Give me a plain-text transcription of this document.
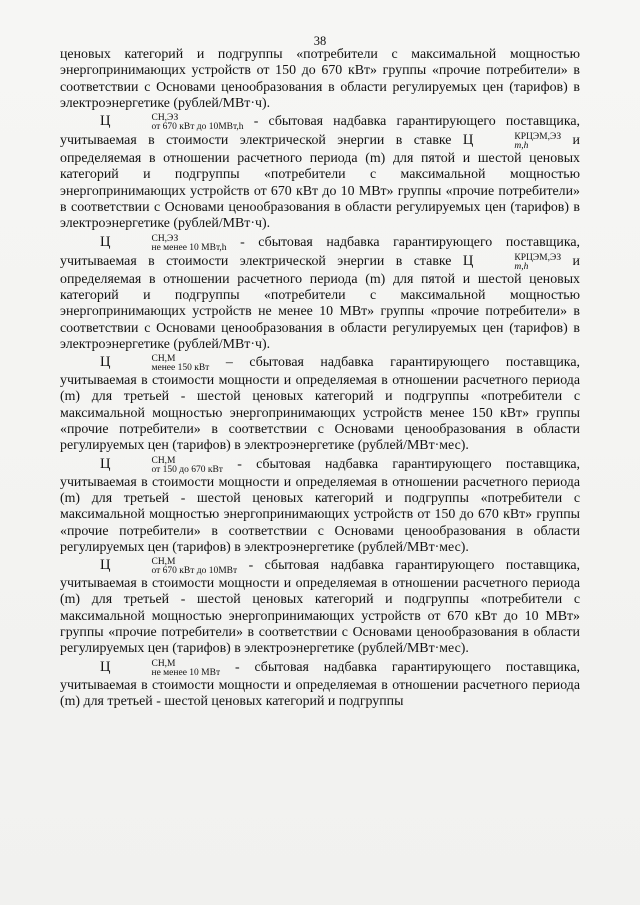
38

ценовых категорий и подгруппы «потребители с максимальной мощностью энергопринимающих устройств от 150 до 670 кВт» группы «прочие потребители» в соответствии с Основами ценообразования в области регулируемых цен (тарифов) в электроэнергетике (рублей/МВт·ч).

Ц	СН,ЭЗ
от 670 кВт до 10МВт,h - сбытовая надбавка гарантирующего поставщика, учитываемая в стоимости электрической энергии в ставке Ц	КРЦЭМ,ЭЗ
m,h	и определяемая в отношении расчетного периода (m) для пятой и шестой ценовых категорий и подгруппы «потребители с максимальной мощностью энергопринимающих устройств от 670 кВт до 10 МВт» группы «прочие потребители» в соответствии с Основами ценообразования в области регулируемых цен (тарифов) в электроэнергетике (рублей/МВт·ч).

Ц	СН,ЭЗ
не менее 10 МВт,h - сбытовая надбавка гарантирующего поставщика, учитываемая в стоимости электрической энергии в ставке Ц	КРЦЭМ,ЭЗ
m,h	и определяемая в отношении расчетного периода (m) для пятой и шестой ценовых категорий и подгруппы «потребители с максимальной мощностью энергопринимающих устройств не менее 10 МВт» группы «прочие потребители» в соответствии с Основами ценообразования в области регулируемых цен (тарифов) в электроэнергетике (рублей/МВт·ч).

Ц	СН,М
менее 150 кВт – сбытовая надбавка гарантирующего поставщика, учитываемая в стоимости мощности и определяемая в отношении расчетного периода (m) для третьей - шестой ценовых категорий и подгруппы «потребители с максимальной мощностью энергопринимающих устройств менее 150 кВт» группы «прочие потребители» в соответствии с Основами ценообразования в области регулируемых цен (тарифов) в электроэнергетике (рублей/МВт·мес).

Ц	СН,М
от 150 до 670 кВт - сбытовая надбавка гарантирующего поставщика, учитываемая в стоимости мощности и определяемая в отношении расчетного периода (m) для третьей - шестой ценовых категорий и подгруппы «потребители с максимальной мощностью энергопринимающих устройств от 150 до 670 кВт» группы «прочие потребители» в соответствии с Основами ценообразования в области регулируемых цен (тарифов) в электроэнергетике (рублей/МВт·мес).

Ц	СН,М
от 670 кВт до 10МВт - сбытовая надбавка гарантирующего поставщика, учитываемая в стоимости мощности и определяемая в отношении расчетного периода (m) для третьей - шестой ценовых категорий и подгруппы «потребители с максимальной мощностью энергопринимающих устройств от 670 кВт до 10 МВт» группы «прочие потребители» в соответствии с Основами ценообразования в области регулируемых цен (тарифов) в электроэнергетике (рублей/МВт·мес).

Ц	СН,М
не менее 10 МВт - сбытовая надбавка гарантирующего поставщика, учитываемая в стоимости мощности и определяемая в отношении расчетного периода (m) для третьей - шестой ценовых категорий и подгруппы
